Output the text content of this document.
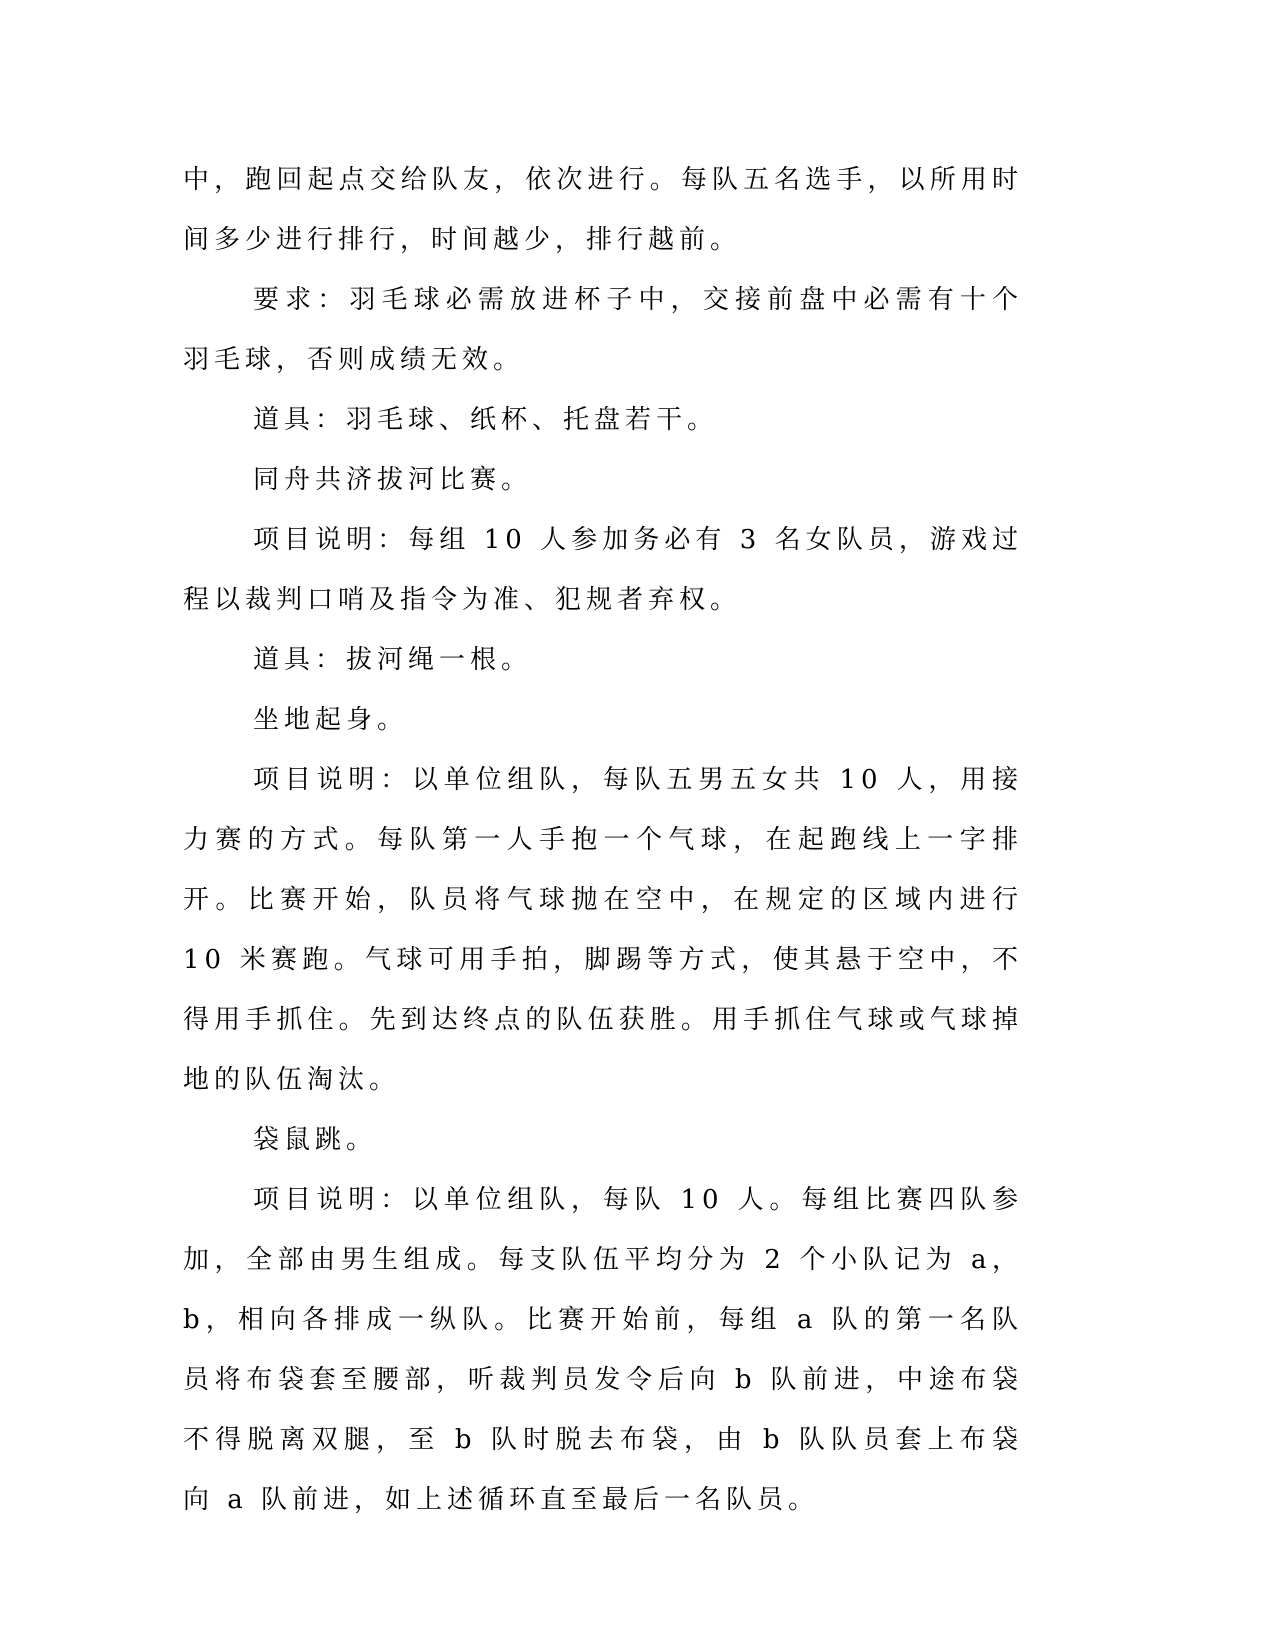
中，跑回起点交给队友，依次进行。每队五名选手，以所用时间多少进行排行，时间越少，排行越前。

要求：羽毛球必需放进杯子中，交接前盘中必需有十个羽毛球，否则成绩无效。

道具：羽毛球、纸杯、托盘若干。

同舟共济拔河比赛。

项目说明：每组 10 人参加务必有 3 名女队员，游戏过程以裁判口哨及指令为准、犯规者弃权。

道具：拔河绳一根。

坐地起身。

项目说明：以单位组队，每队五男五女共 10 人，用接力赛的方式。每队第一人手抱一个气球，在起跑线上一字排开。比赛开始，队员将气球抛在空中，在规定的区域内进行 10 米赛跑。气球可用手拍，脚踢等方式，使其悬于空中，不得用手抓住。先到达终点的队伍获胜。用手抓住气球或气球掉地的队伍淘汰。

袋鼠跳。

项目说明：以单位组队，每队 10 人。每组比赛四队参加，全部由男生组成。每支队伍平均分为 2 个小队记为 a，b，相向各排成一纵队。比赛开始前，每组 a 队的第一名队员将布袋套至腰部，听裁判员发令后向 b 队前进，中途布袋不得脱离双腿，至 b 队时脱去布袋，由 b 队队员套上布袋向 a 队前进，如上述循环直至最后一名队员。
